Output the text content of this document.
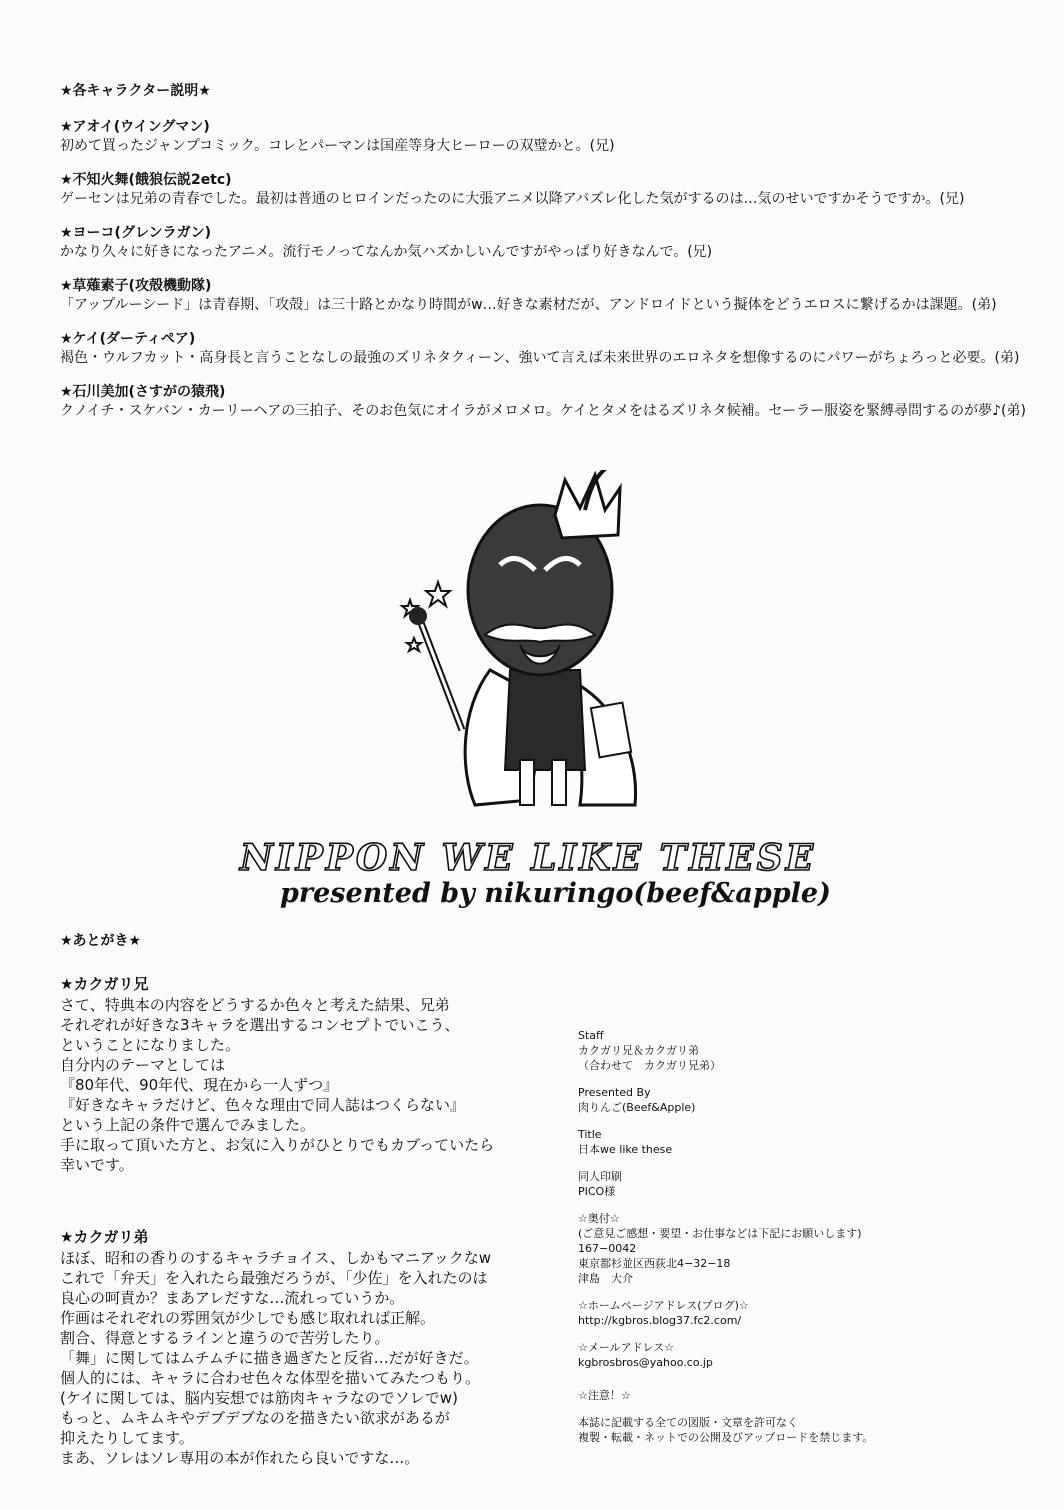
★各キャラクター説明★
★アオイ(ウイングマン)
初めて買ったジャンプコミック。コレとパーマンは国産等身大ヒーローの双璧かと。(兄)
★不知火舞(餓狼伝説2etc)
ゲーセンは兄弟の青春でした。最初は普通のヒロインだったのに大張アニメ以降アバズレ化した気がするのは…気のせいですかそうですか。(兄)
★ヨーコ(グレンラガン)
かなり久々に好きになったアニメ。流行モノってなんか気ハズかしいんですがやっぱり好きなんで。(兄)
★草薙素子(攻殻機動隊)
「アップルーシード」は青春期、「攻殻」は三十路とかなり時間がw…好きな素材だが、アンドロイドという擬体をどうエロスに繋げるかは課題。(弟)
★ケイ(ダーティペア)
褐色・ウルフカット・高身長と言うことなしの最強のズリネタクィーン、強いて言えば未来世界のエロネタを想像するのにパワーがちょろっと必要。(弟)
★石川美加(さすがの猿飛)
クノイチ・スケバン・カーリーヘアの三拍子、そのお色気にオイラがメロメロ。ケイとタメをはるズリネタ候補。セーラー服姿を緊縛尋問するのが夢♪(弟)
NIPPON WE LIKE THESE
presented by nikuringo(beef&apple)
★あとがき★
★カクガリ兄
さて、特典本の内容をどうするか色々と考えた結果、兄弟
それぞれが好きな3キャラを選出するコンセプトでいこう、
ということになりました。
自分内のテーマとしては
『80年代、90年代、現在から一人ずつ』
『好きなキャラだけど、色々な理由で同人誌はつくらない』
という上記の条件で選んでみました。
手に取って頂いた方と、お気に入りがひとりでもカブっていたら
幸いです。
★カクガリ弟
ほぼ、昭和の香りのするキャラチョイス、しかもマニアックなw
これで「弁天」を入れたら最強だろうが、「少佐」を入れたのは
良心の呵責か？まあアレだすな…流れっていうか。
作画はそれぞれの雰囲気が少しでも感じ取れれば正解。
割合、得意とするラインと違うので苦労したり。
「舞」に関してはムチムチに描き過ぎたと反省…だが好きだ。
個人的には、キャラに合わせ色々な体型を描いてみたつもり。
(ケイに関しては、脳内妄想では筋肉キャラなのでソレでw)
もっと、ムキムキやデブデブなのを描きたい欲求があるが
抑えたりしてます。
まあ、ソレはソレ専用の本が作れたら良いですな…。
Staff
カクガリ兄＆カクガリ弟
（合わせて　カクガリ兄弟）
Presented By
肉りんご(Beef&Apple)
Title
日本we like these
同人印刷
PICO様
☆奥付☆
(ご意見ご感想・要望・お仕事などは下記にお願いします)
167−0042
東京都杉並区西荻北4−32−18
津島　大介
☆ホームページアドレス(ブログ)☆
http://kgbros.blog37.fc2.com/
☆メールアドレス☆
kgbrosbros@yahoo.co.jp
☆注意！☆
本誌に記載する全ての図版・文章を許可なく
複製・転載・ネットでの公開及びアップロードを禁じます。
